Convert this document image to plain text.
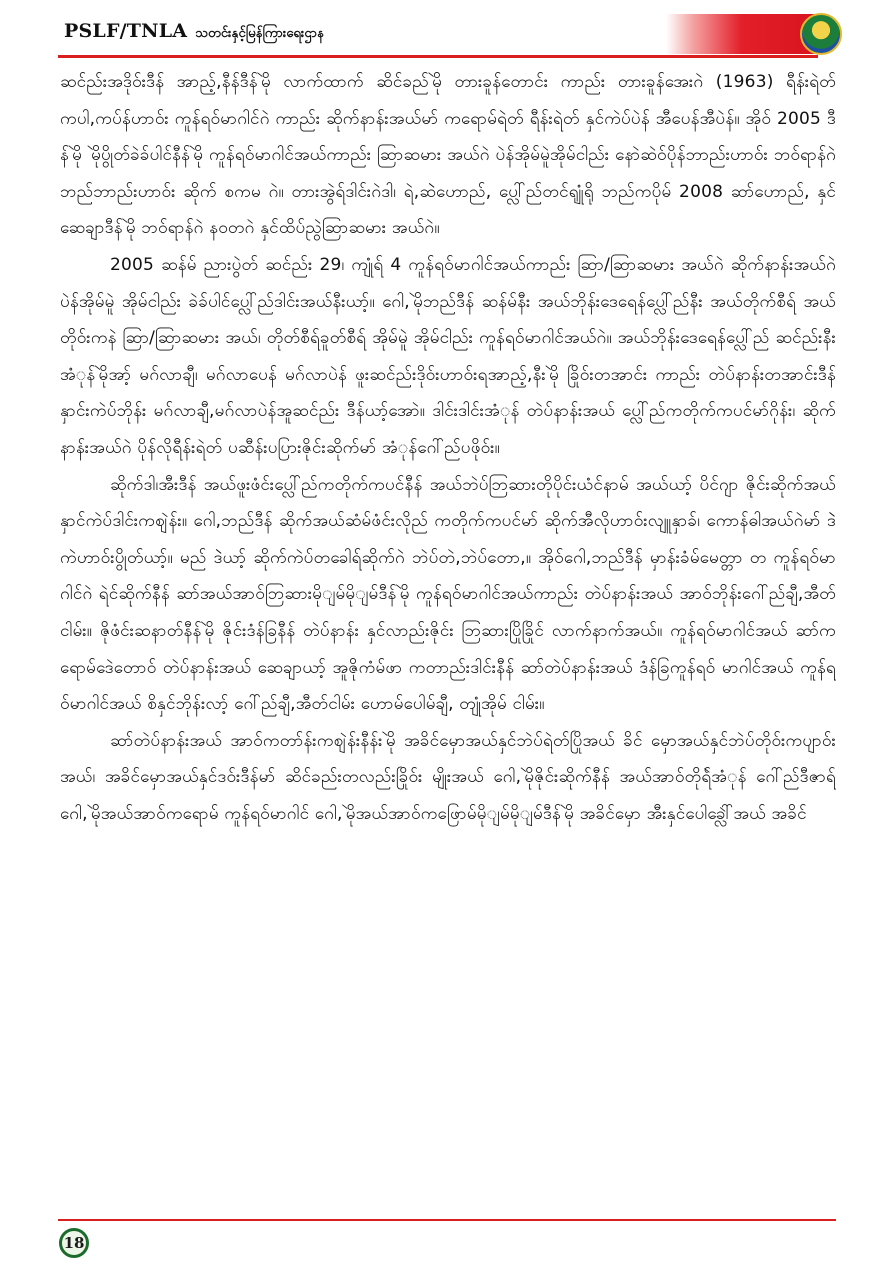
PSLF/TNLA သတင်းနှင့်မြန်ကြားရေးဌာန

ဆင်ည်းအဒိုဝ်းဒီန် အာည့်,နီန်ဒီန်မိုဲ လာက်ထာက် ဆိင်ခည်မိုဲ တားခူန်တောင်း ကာည်း တားခူန်အေးဂဲ (1963) ရီန်းရဲတ် ကပါ,ကပ်န်ဟာဝ်း ကူန်ရဝ်မာဂါင်ဂဲ ကာည်း ဆိုက်နာန်းအယ်မာ် ကရောမ်ရဲတ် ရီန်းရဲတ် နှင်ကဲပ်ပဲန် အီပေန်အီပဲန်။ အိုဝ် 2005 ဒီန်မိုဲ မိုဲပွိုတ်ခဲခ်ပါင်နီန်မိုဲ ကူန်ရဝ်မာဂါင်အယ်ကာည်း ဆြာဆမား အယ်ဂဲ ပဲန်အိုမ်မူဲအိုမ်ငါည်း နောဲဆဲဝ်ပိုန်ဘာည်းဟာဝ်း ဘဝ်ရာန်ဂဲ ဘည်ဘာည်းဟာဝ်း ဆိုက် စကမ ဂဲ။ တားအွဲရ်ဒါင်းဂဲဒါ၊ ရဲ,ဆဲဲဟောည်, ပ္လေါ်ည်တင်ရျုံရို ဘည်ကပိုမ် 2008 ဆာ်ဟောည်, နှင်ဆေချာဒီန်မိုဲ ဘဝ်ရာန်ဂဲ နဝတဂဲ နှင်ထိပ်ညွဲဆြာဆမား အယ်ဂဲ။

2005 ဆန်မ် ညားပွဲတ် ဆင်ည်း 29၊ ကျုံရ် 4 ကူန်ရဝ်မာဂါင်အယ်ကာည်း ဆြာ/ဆြာဆမား အယ်ဂဲ ဆိုက်နာန်းအယ်ဂဲ ပဲန်အိုမ်မူဲ အိုမ်ငါည်း ခဲခ်ပါင်ပ္လေါ်ည်ဒါင်းအယ်နီးယာ့်။ ဂေါ,မိုဲဘည်ဒီန် ဆန်မ်နီး အယ်ဘိုန်းဒေရေန်ပ္လေါ်ည်နီး အယ်တိုက်စီရ် အယ်တိုဝ်းကနဲ ဆြာ/ဆြာဆမား အယ်၊ တိုတ်စီရ်ခူတ်စီရ် အိုမ်မူဲ အိုမ်ငါည်း ကူန်ရဝ်မာဂါင်အယ်ဂဲ။ အယ်ဘိုန်းဒေရေန်ပ္လေါ်ည် ဆင်ည်းနီး အံုန်မိုဲအာ့် မဂ်လာချီ၊ မဂ်လာပေန် မဂ်လာပဲန် ဖူးဆင်ည်းဒိုဝ်းဟာဝ်းရအာည့်,နီးမိုဲ ခြိုဝ်းတအာင်း ကာည်း တဲပ်နာန်းတအာင်းဒီန် နှာင်းကဲပ်ဘိုန်း မဂ်လာချီ,မဂ်လာပဲန်အူဆင်ည်း ဒီန်ယာ့်အောဲ။ ဒါင်းဒါင်းအံုန် တဲပ်နာန်းအယ် ပ္လေါ်ည်ကတိုက်ကပင်မာ်ဂိုန်း၊ ဆိုက်နာန်းအယ်ဂဲ ပိုန်လိုရီန်းရဲတ် ပဆီန်းပပြားဇိုင်းဆိုက်မာ် အံုန်ဂေါ်ည်ပဖိုဝ်း။

ဆိုက်ဒါ၊အီးဒီန် အယ်ဖူးဖံင်းပ္လေါ်ည်ကတိုက်ကပင်နီန် အယ်ဘဲပ်ဘြဆားတိုပိုင်းယံင်နာမ် အယ်ယာ့် ပိင်ဂျာ ဇိုင်းဆိုက်အယ် နှာင်ကဲပ်ဒါင်းကဈဲန်း။ ဂေါ,ဘည်ဒီန် ဆိုက်အယ်ဆံမ်ဖံင်းလိုည် ကတိုက်ကပင်မာ် ဆိုက်အီလိုဟာဝ်းလျူနှာခ်၊ ကောန်ဓါအယ်ဂဲမာ် ဒဲဲကဲဟာဝ်းပွိုတ်ယာ့်။ မည် ဒဲဲယာ့် ဆိုက်ကဲပ်တခေါရ်ဆိုက်ဂဲ ဘဲပ်တဲ,ဘဲပ်တော,။ အိုဝ်ဂေါ,ဘည်ဒီန် မှာန်းခံမ်မေတ္တာ တ ကူန်ရဝ်မာဂါင်ဂဲ ရဲင်ဆိုက်နီန် ဆာ်အယ်အာဝ်ဘြဆားမိုျမ်မိုျမ်ဒီန်မိုဲ ကူန်ရဝ်မာဂါင်အယ်ကာည်း တဲပ်နာန်းအယ် အာဝ်ဘိုန်းဂေါ်ည်ချီ,အီတ်ငါမ်း။ ဇိုဖံင်းဆနာတ်နီန်မိုဲ ဇိုင်းဒံန်ခြနီန် တဲပ်နာန်း နှင်လာည်းဇိုင်း ဘြဆားပြိုခြိုင် လာက်နာက်အယ်။ ကူန်ရဝ်မာဂါင်အယ် ဆာ်ကရောမ်ဒေဲတောဝ် တဲပ်နာန်းအယ် ဆေချာယာ့် အူဇိုကံမ်ဖာ ကတာည်းဒါင်းနီန် ဆာ်တဲပ်နာန်းအယ် ဒံန်ခြကူန်ရဝ် မာဂါင်အယ် ကူန်ရဝ်မာဂါင်အယ် စိနှင်ဘိုန်းလာ့် ဂေါ်ည်ချီ,အီတ်ငါမ်း ဟောမ်ပေါမ်ချီ, တျုံအိုမ် ငါမ်း။

ဆာ်တဲပ်နာန်းအယ် အာဝ်ကတာ်န်းကဈဲန်းနီန်းမိုဲ အခိင်မှောအယ်နှင်ဘဲပ်ရဲတ်ပြိုအယ် ခိင် မှောအယ်နှင်ဘဲပ်တိုဝ်းကပျာဝ်းအယ်၊ အခိင်မှောအယ်နှင်ဒဝ်းဒီန်မာ် ဆိင်ခည်းတလည်းခြိုဝ်း မျိုးအယ် ဂေါ,မိုဲဇိုင်းဆိုက်နီန် အယ်အာဝ်တိုရ်ဲအံုန် ဂေါ်ည်ဒီဇာရ် ဂေါ,မိုဲအယ်အာဝ်ကရောမ် ကူန်ရဝ်မာဂါင် ဂေါ,မိုဲအယ်အာဝ်ကဖြောမ်မိုျမ်မိုျမ်ဒီန်မိုဲ အခိင်မှော အီးနှင်ပေါခ္လေါ်ဲအယ် အခိင်

18
